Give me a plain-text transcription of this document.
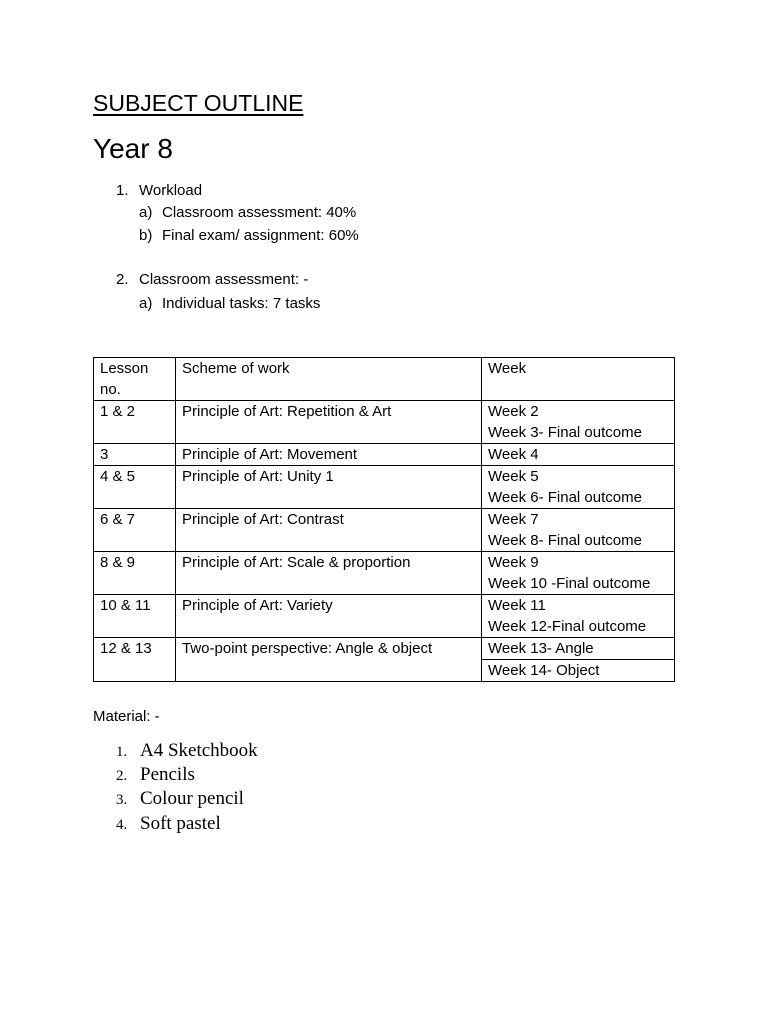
SUBJECT OUTLINE
Year 8
1. Workload
a) Classroom assessment: 40%
b) Final exam/ assignment: 60%
2. Classroom assessment: -
a) Individual tasks: 7 tasks
Lesson no.	Scheme of work	Week
1 & 2	Principle of Art: Repetition & Art	Week 2
Week 3- Final outcome

3	Principle of Art: Movement	Week 4

4 & 5	Principle of Art: Unity 1	Week 5
Week 6- Final outcome

6 & 7	Principle of Art: Contrast	Week 7
Week 8- Final outcome

8 & 9	Principle of Art: Scale & proportion	Week 9
Week 10 -Final outcome

10 & 11	Principle of Art: Variety	Week 11
Week 12-Final outcome

12 & 13	Two-point perspective: Angle & object	Week 13- Angle
Week 14- Object
Material: -
1. A4 Sketchbook
2. Pencils
3. Colour pencil
4. Soft pastel
